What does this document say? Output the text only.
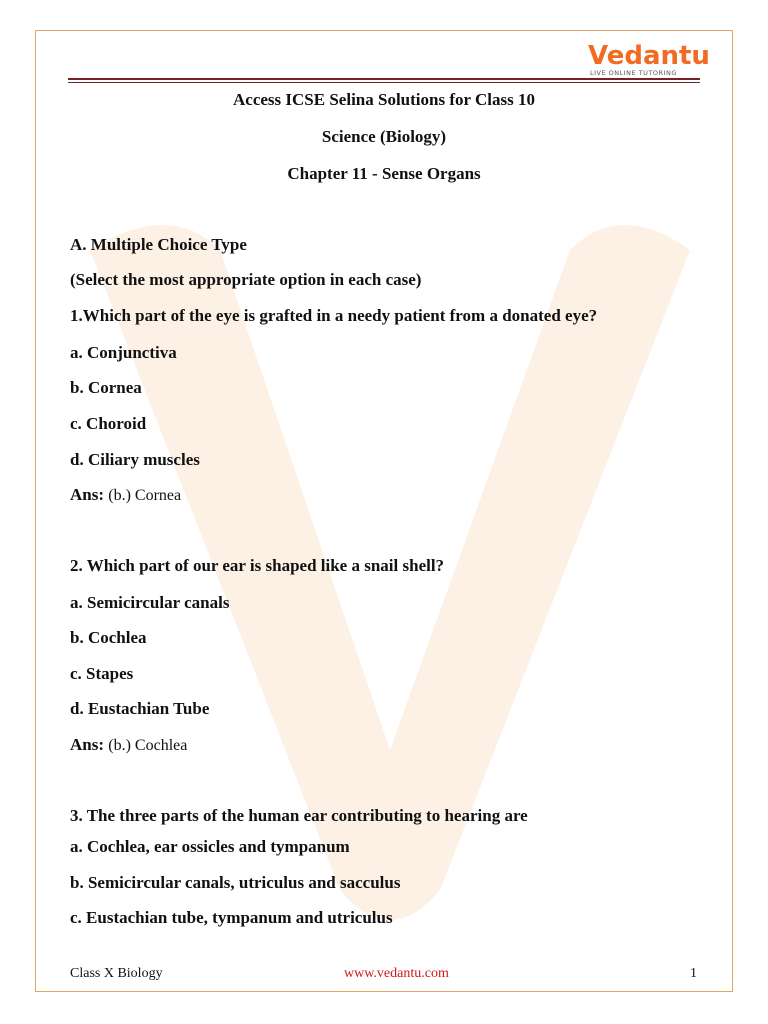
Vedantu
LIVE ONLINE TUTORING
Access ICSE Selina Solutions for Class 10
Science (Biology)
Chapter 11 - Sense Organs
A. Multiple Choice Type
(Select the most appropriate option in each case)
1.Which part of the eye is grafted in a needy patient from a donated eye?
a. Conjunctiva
b. Cornea
c. Choroid
d. Ciliary muscles
Ans: (b.) Cornea
2. Which part of our ear is shaped like a snail shell?
a. Semicircular canals
b. Cochlea
c. Stapes
d. Eustachian Tube
Ans: (b.) Cochlea
3. The three parts of the human ear contributing to hearing are
a. Cochlea, ear ossicles and tympanum
b. Semicircular canals, utriculus and sacculus
c. Eustachian tube, tympanum and utriculus
Class X Biology	www.vedantu.com	1
